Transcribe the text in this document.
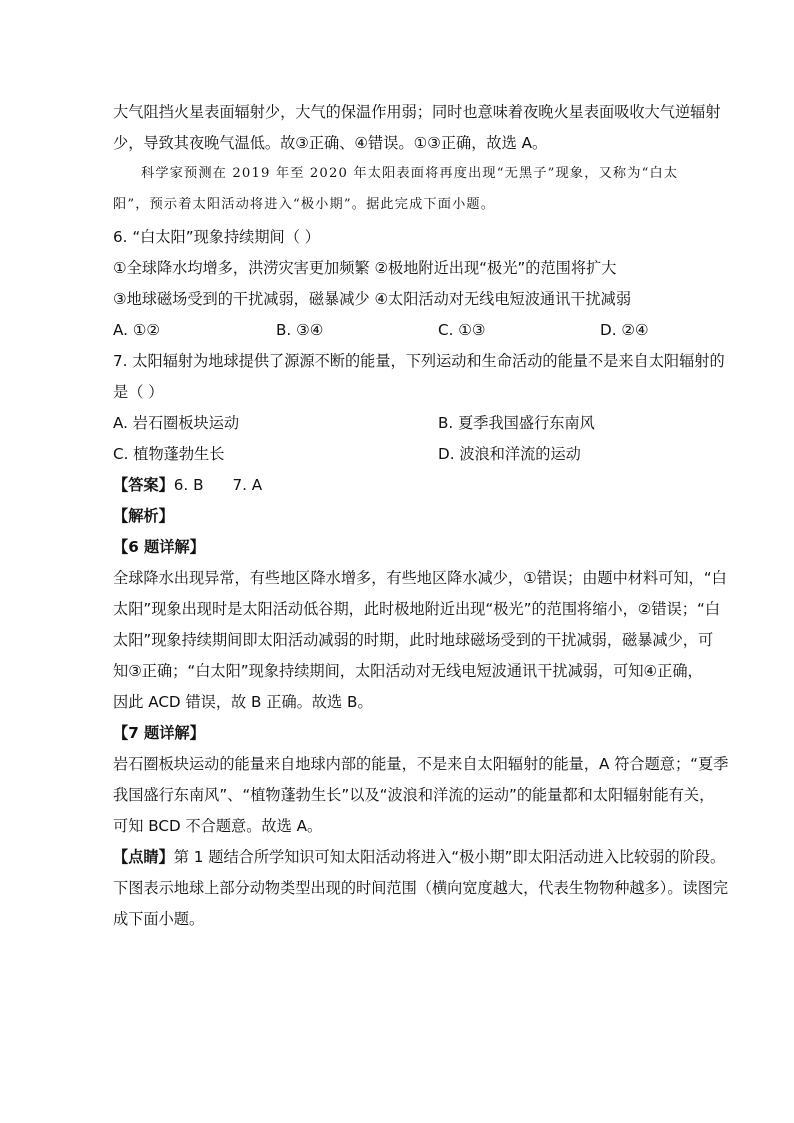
大气阻挡火星表面辐射少，大气的保温作用弱；同时也意味着夜晚火星表面吸收大气逆辐射
少，导致其夜晚气温低。故③正确、④错误。①③正确，故选 A。
科学家预测在 2019 年至 2020 年太阳表面将再度出现“无黑子”现象，又称为“白太
阳”，预示着太阳活动将进入“极小期”。据此完成下面小题。
6. “白太阳”现象持续期间（ ）
①全球降水均增多，洪涝灾害更加频繁 ②极地附近出现“极光”的范围将扩大
③地球磁场受到的干扰减弱，磁暴减少 ④太阳活动对无线电短波通讯干扰减弱
A. ①②	B. ③④	C. ①③	D. ②④
7. 太阳辐射为地球提供了源源不断的能量，下列运动和生命活动的能量不是来自太阳辐射的
是（ ）
A. 岩石圈板块运动	B. 夏季我国盛行东南风
C. 植物蓬勃生长	D. 波浪和洋流的运动
【答案】6. B      7. A
【解析】
【6 题详解】
全球降水出现异常，有些地区降水增多，有些地区降水减少，①错误；由题中材料可知，“白
太阳”现象出现时是太阳活动低谷期，此时极地附近出现“极光”的范围将缩小，②错误；“白
太阳”现象持续期间即太阳活动减弱的时期，此时地球磁场受到的干扰减弱，磁暴减少，可
知③正确；“白太阳”现象持续期间，太阳活动对无线电短波通讯干扰减弱，可知④正确，
因此 ACD 错误，故 B 正确。故选 B。
【7 题详解】
岩石圈板块运动的能量来自地球内部的能量，不是来自太阳辐射的能量，A 符合题意；“夏季
我国盛行东南风”、“植物蓬勃生长”以及“波浪和洋流的运动”的能量都和太阳辐射能有关，
可知 BCD 不合题意。故选 A。
【点睛】第 1 题结合所学知识可知太阳活动将进入“极小期”即太阳活动进入比较弱的阶段。
下图表示地球上部分动物类型出现的时间范围（横向宽度越大，代表生物物种越多）。读图完
成下面小题。
